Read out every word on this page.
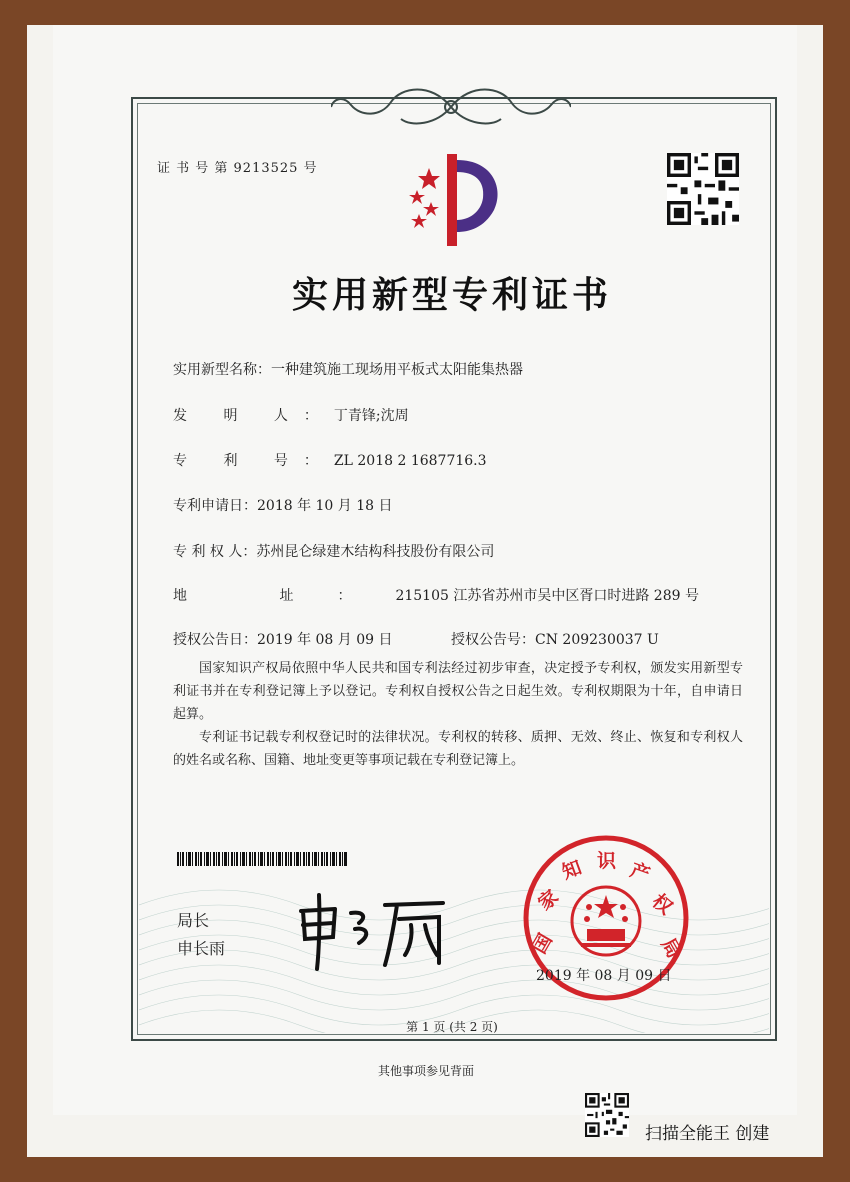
证 书 号 第 9213525 号
实用新型专利证书
实用新型名称：一种建筑施工现场用平板式太阳能集热器
发 明 人：丁青锋;沈周
专 利 号：ZL 2018 2 1687716.3
专利申请日：2018 年 10 月 18 日
专 利 权 人：苏州昆仑绿建木结构科技股份有限公司
地 址：215105 江苏省苏州市吴中区胥口时进路 289 号
授权公告日：2019 年 08 月 09 日	授权公告号：CN 209230037 U

国家知识产权局依照中华人民共和国专利法经过初步审查，决定授予专利权，颁发实用新型专利证书并在专利登记簿上予以登记。专利权自授权公告之日起生效。专利权期限为十年，自申请日起算。

专利证书记载专利权登记时的法律状况。专利权的转移、质押、无效、终止、恢复和专利权人的姓名或名称、国籍、地址变更等事项记载在专利登记簿上。

局长
申长雨	国
家
知 识 产
权
局
2019 年 08 月 09 日
第 1 页 (共 2 页)
其他事项参见背面
扫描全能王 创建
